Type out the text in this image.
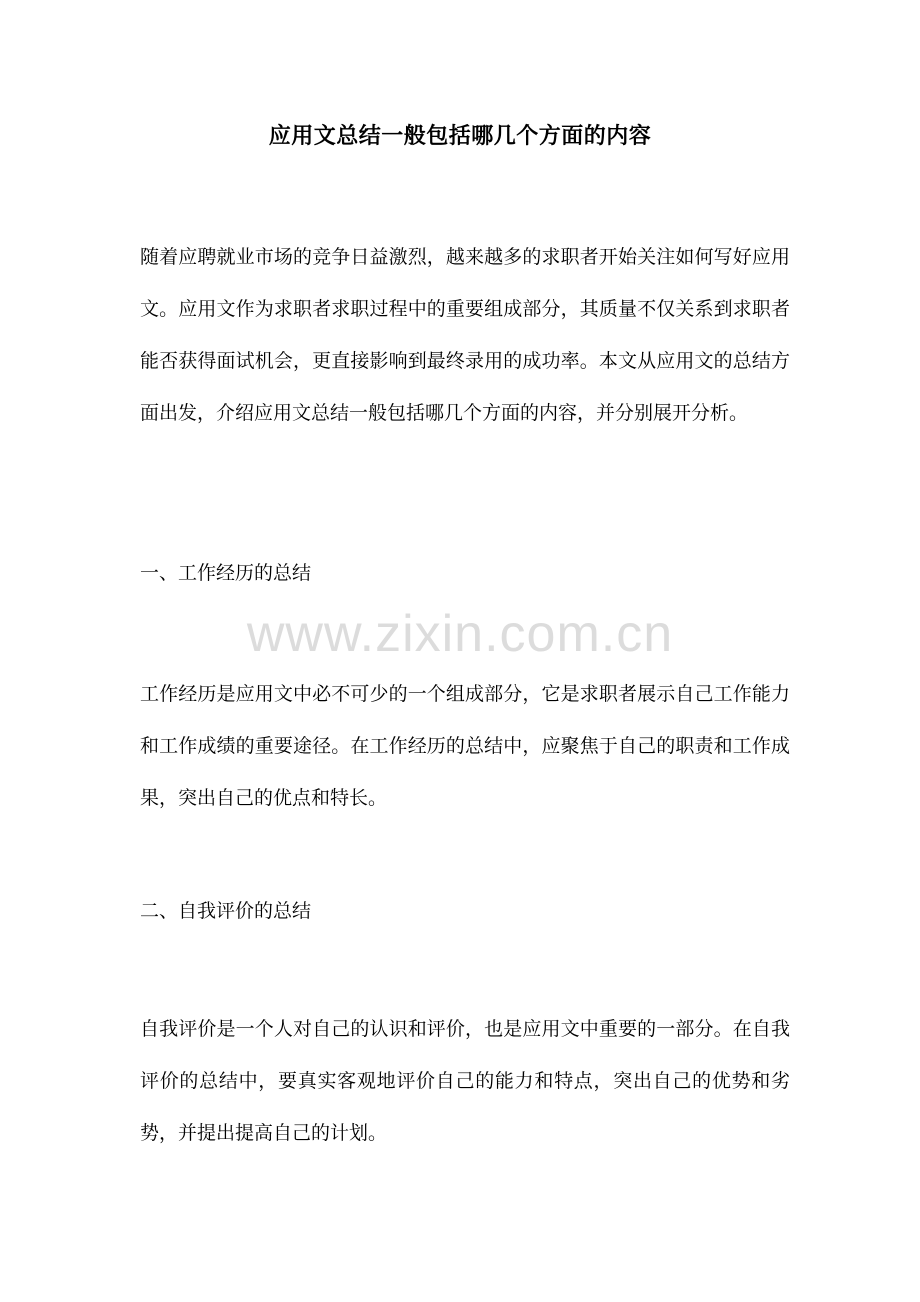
应用文总结一般包括哪几个方面的内容

随着应聘就业市场的竞争日益激烈，越来越多的求职者开始关注如何写好应用文。应用文作为求职者求职过程中的重要组成部分，其质量不仅关系到求职者能否获得面试机会，更直接影响到最终录用的成功率。本文从应用文的总结方面出发，介绍应用文总结一般包括哪几个方面的内容，并分别展开分析。

一、工作经历的总结

www.zixin.com.cn

工作经历是应用文中必不可少的一个组成部分，它是求职者展示自己工作能力和工作成绩的重要途径。在工作经历的总结中，应聚焦于自己的职责和工作成果，突出自己的优点和特长。

二、自我评价的总结

自我评价是一个人对自己的认识和评价，也是应用文中重要的一部分。在自我评价的总结中，要真实客观地评价自己的能力和特点，突出自己的优势和劣势，并提出提高自己的计划。
